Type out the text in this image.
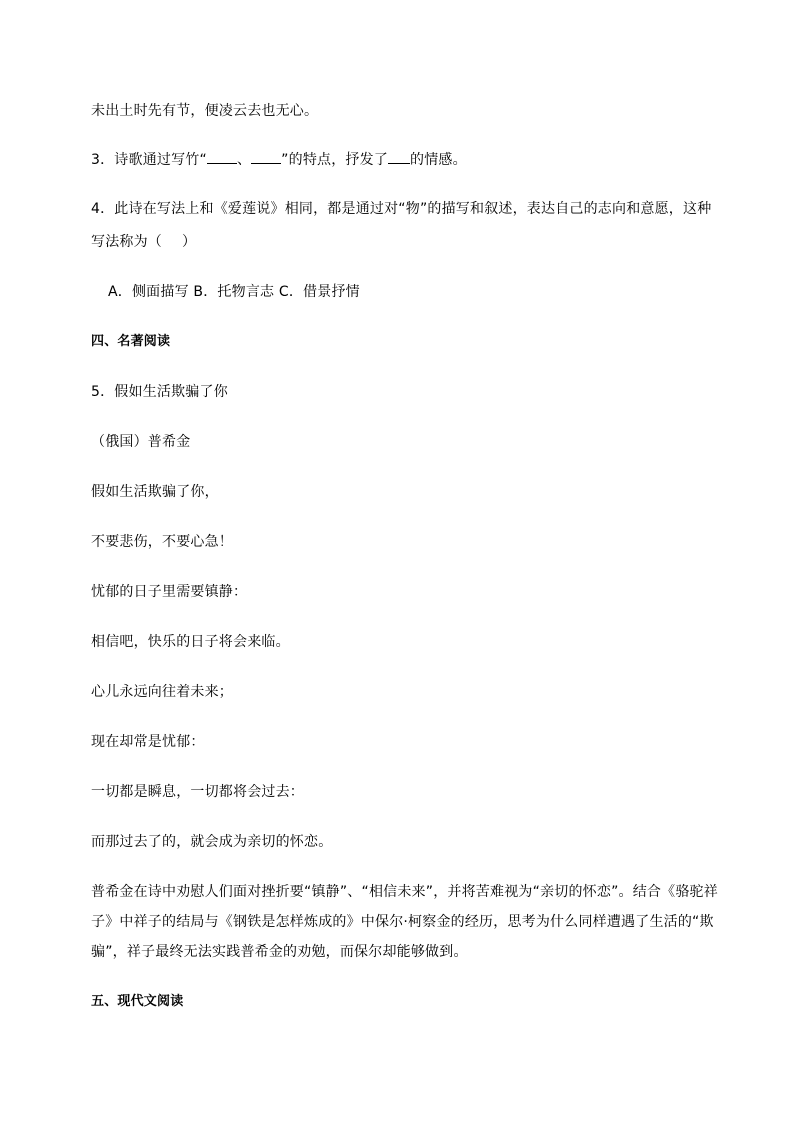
未出土时先有节，便凌云去也无心。
3．诗歌通过写竹“ 、 ”的特点，抒发了 的情感。
4．此诗在写法上和《爱莲说》相同，都是通过对“物”的描写和叙述，表达自己的志向和意愿，这种
写法称为（ ）
A．侧面描写 B．托物言志 C．借景抒情
四、名著阅读
5．假如生活欺骗了你
（俄国）普希金
假如生活欺骗了你，
不要悲伤，不要心急！
忧郁的日子里需要镇静：
相信吧，快乐的日子将会来临。
心儿永远向往着未来；
现在却常是忧郁：
一切都是瞬息，一切都将会过去：
而那过去了的，就会成为亲切的怀恋。
普希金在诗中劝慰人们面对挫折要“镇静”、“相信未来”，并将苦难视为“亲切的怀恋”。结合《骆驼祥
子》中祥子的结局与《钢铁是怎样炼成的》中保尔·柯察金的经历，思考为什么同样遭遇了生活的“欺
骗”，祥子最终无法实践普希金的劝勉，而保尔却能够做到。
五、现代文阅读
